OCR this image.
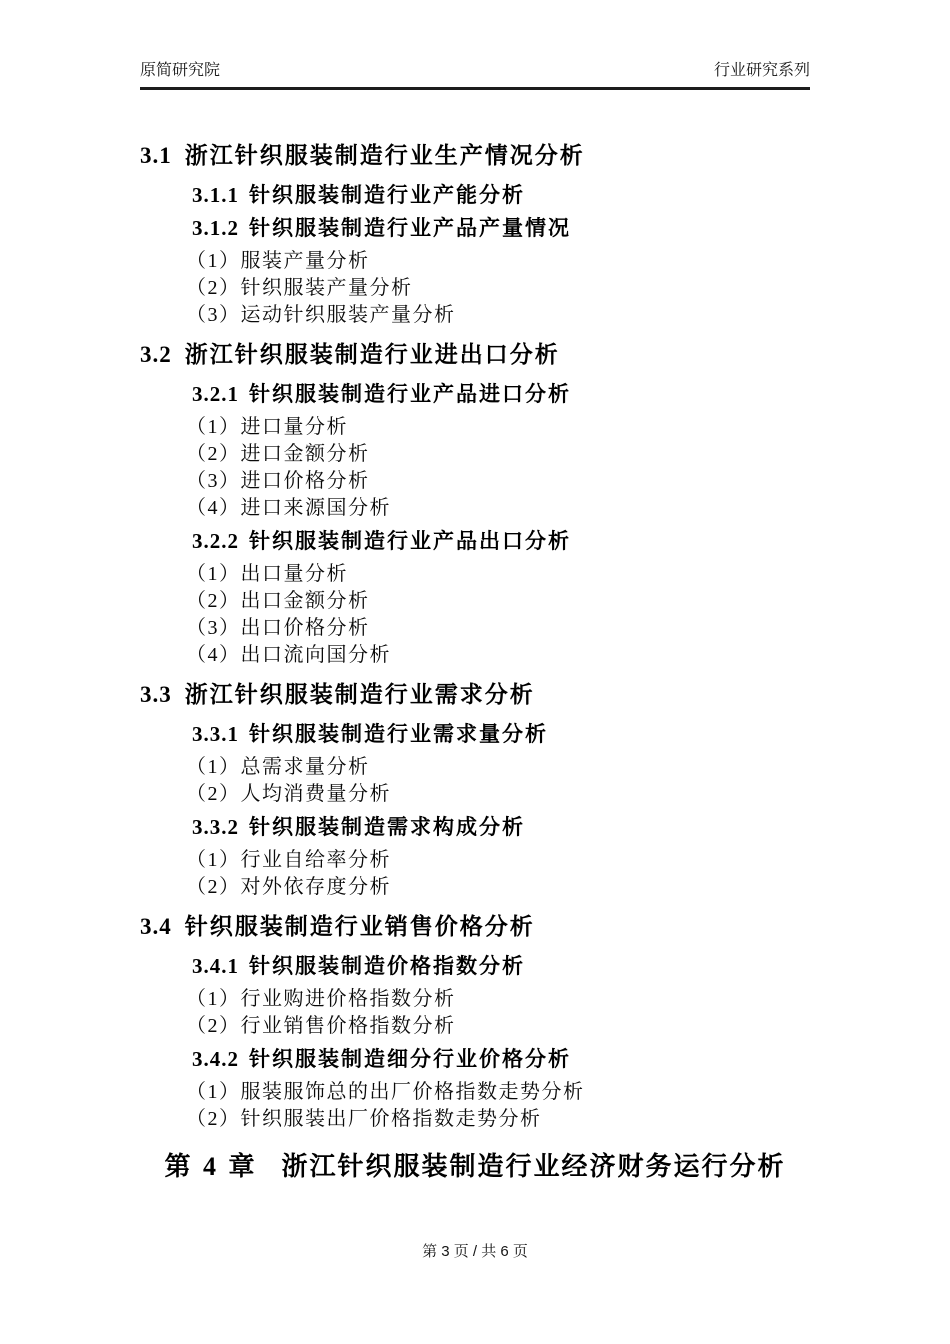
原简研究院	行业研究系列
3.1 浙江针织服装制造行业生产情况分析
3.1.1 针织服装制造行业产能分析
3.1.2 针织服装制造行业产品产量情况
（1）服装产量分析
（2）针织服装产量分析
（3）运动针织服装产量分析
3.2 浙江针织服装制造行业进出口分析
3.2.1 针织服装制造行业产品进口分析
（1）进口量分析
（2）进口金额分析
（3）进口价格分析
（4）进口来源国分析
3.2.2 针织服装制造行业产品出口分析
（1）出口量分析
（2）出口金额分析
（3）出口价格分析
（4）出口流向国分析
3.3 浙江针织服装制造行业需求分析
3.3.1 针织服装制造行业需求量分析
（1）总需求量分析
（2）人均消费量分析
3.3.2 针织服装制造需求构成分析
（1）行业自给率分析
（2）对外依存度分析
3.4 针织服装制造行业销售价格分析
3.4.1 针织服装制造价格指数分析
（1）行业购进价格指数分析
（2）行业销售价格指数分析
3.4.2 针织服装制造细分行业价格分析
（1）服装服饰总的出厂价格指数走势分析
（2）针织服装出厂价格指数走势分析
第 4 章 浙江针织服装制造行业经济财务运行分析
第 3 页 / 共 6 页
